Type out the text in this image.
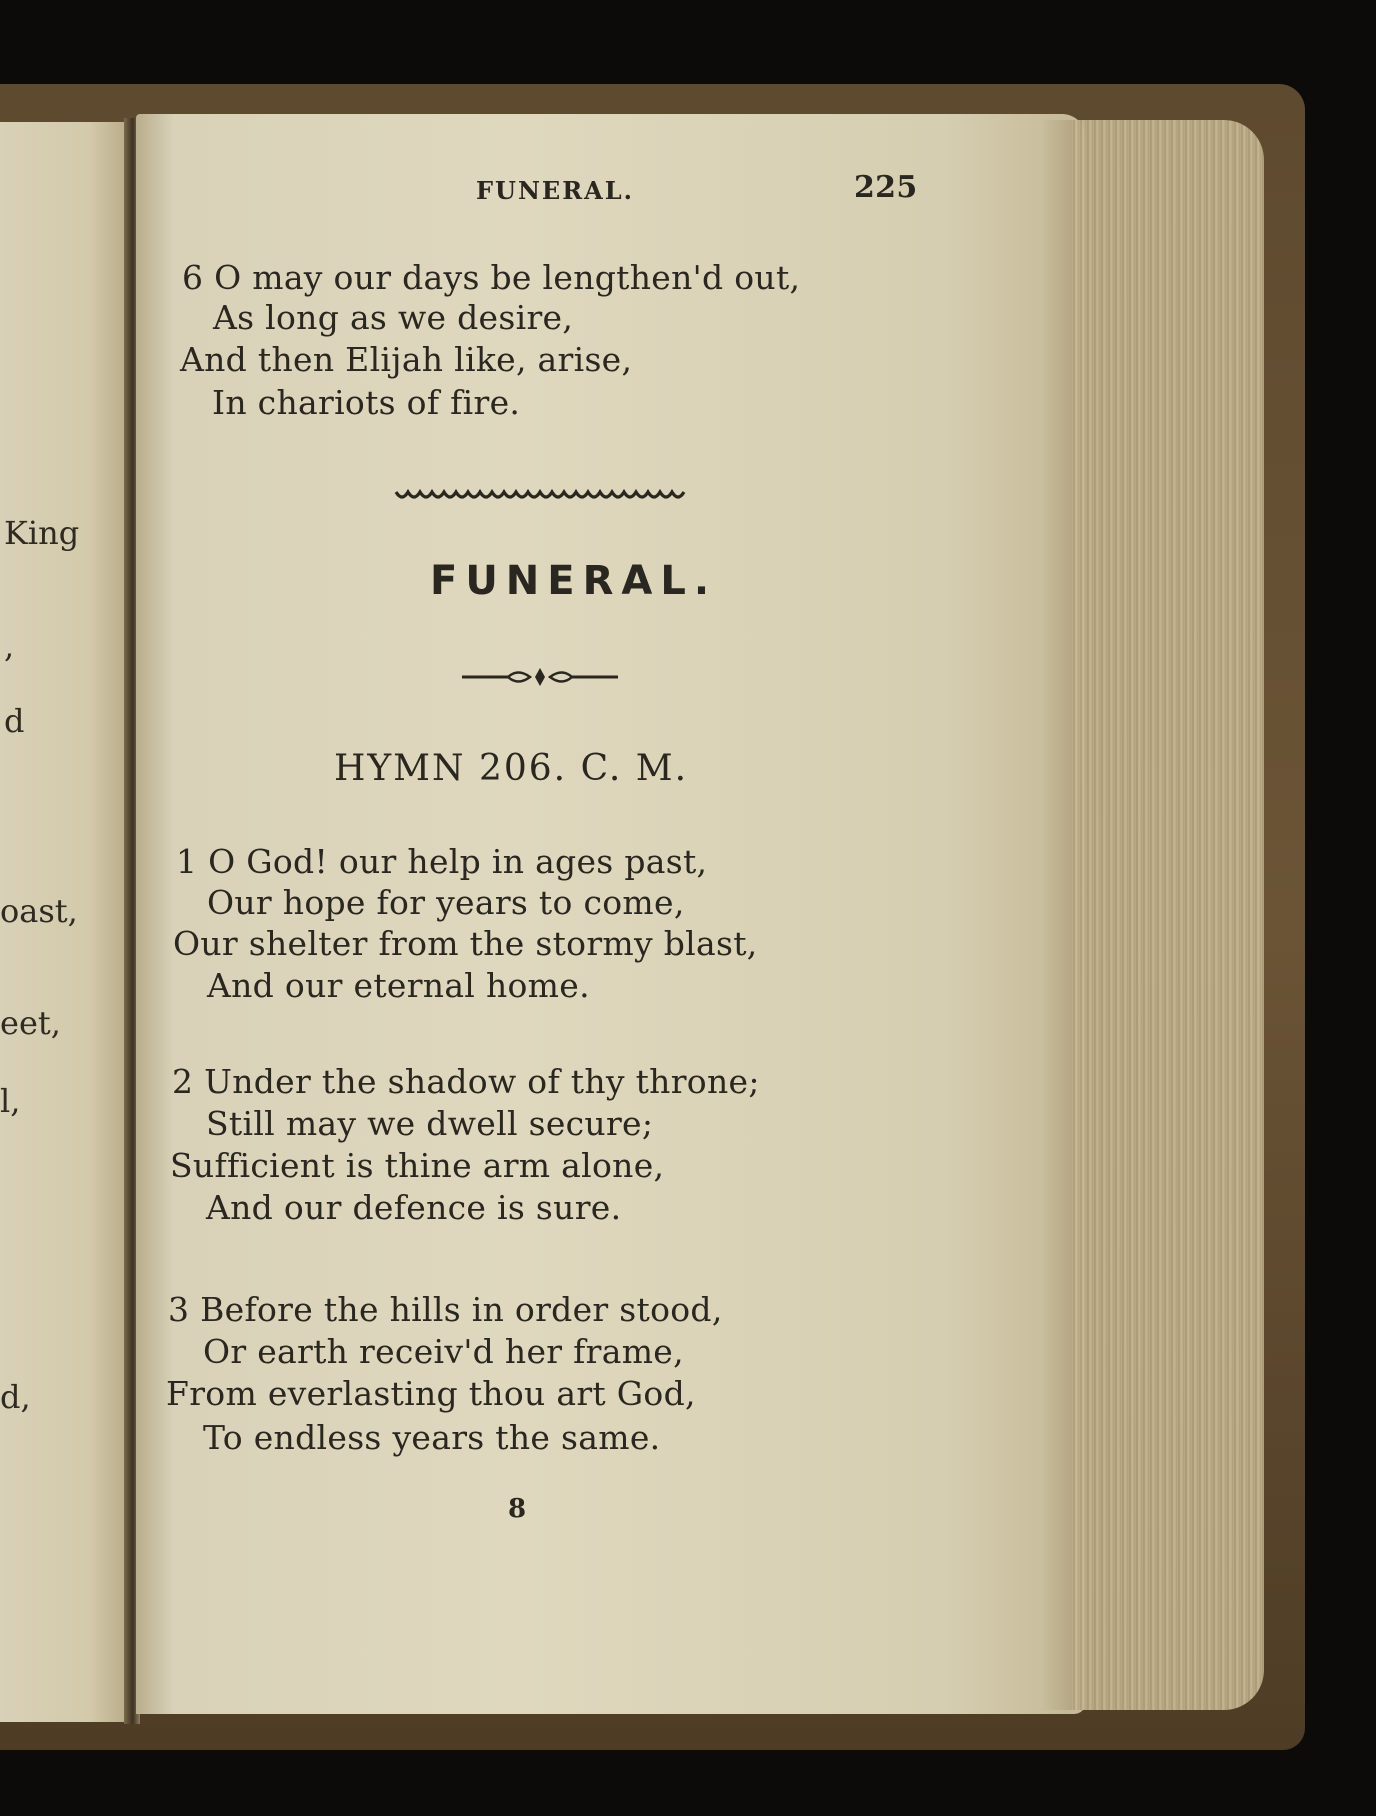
King
,
d
oast,
eet,
l,
d,
FUNERAL.	225
6 O may our days be lengthen'd out,
As long as we desire,
And then Elijah like, arise,
In chariots of fire.
FUNERAL.
HYMN 206. C. M.
1 O God! our help in ages past,
Our hope for years to come,
Our shelter from the stormy blast,
And our eternal home.
2 Under the shadow of thy throne;
Still may we dwell secure;
Sufficient is thine arm alone,
And our defence is sure.
3 Before the hills in order stood,
Or earth receiv'd her frame,
From everlasting thou art God,
To endless years the same.
8
